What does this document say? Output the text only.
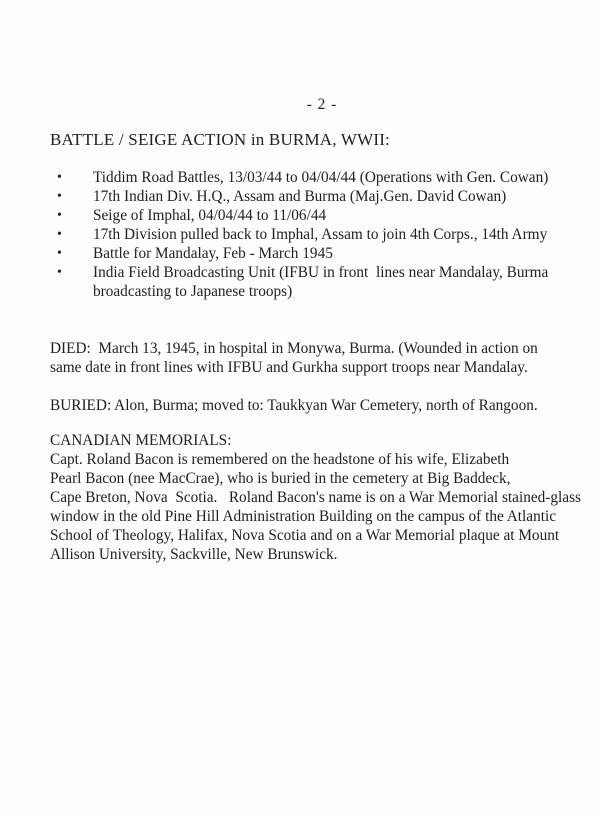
- 2 -
BATTLE / SEIGE ACTION in BURMA, WWII:
•	Tiddim Road Battles, 13/03/44 to 04/04/44 (Operations with Gen. Cowan)
•	17th Indian Div. H.Q., Assam and Burma (Maj.Gen. David Cowan)
•	Seige of Imphal, 04/04/44 to 11/06/44
•	17th Division pulled back to Imphal, Assam to join 4th Corps., 14th Army
•	Battle for Mandalay, Feb - March 1945
•	India Field Broadcasting Unit (IFBU in front  lines near Mandalay, Burma
broadcasting to Japanese troops)
DIED:  March 13, 1945, in hospital in Monywa, Burma. (Wounded in action on
same date in front lines with IFBU and Gurkha support troops near Mandalay.
BURIED: Alon, Burma; moved to: Taukkyan War Cemetery, north of Rangoon.
CANADIAN MEMORIALS:
Capt. Roland Bacon is remembered on the headstone of his wife, Elizabeth
Pearl Bacon (nee MacCrae), who is buried in the cemetery at Big Baddeck,
Cape Breton, Nova  Scotia.   Roland Bacon's name is on a War Memorial stained-glass
window in the old Pine Hill Administration Building on the campus of the Atlantic
School of Theology, Halifax, Nova Scotia and on a War Memorial plaque at Mount
Allison University, Sackville, New Brunswick.
